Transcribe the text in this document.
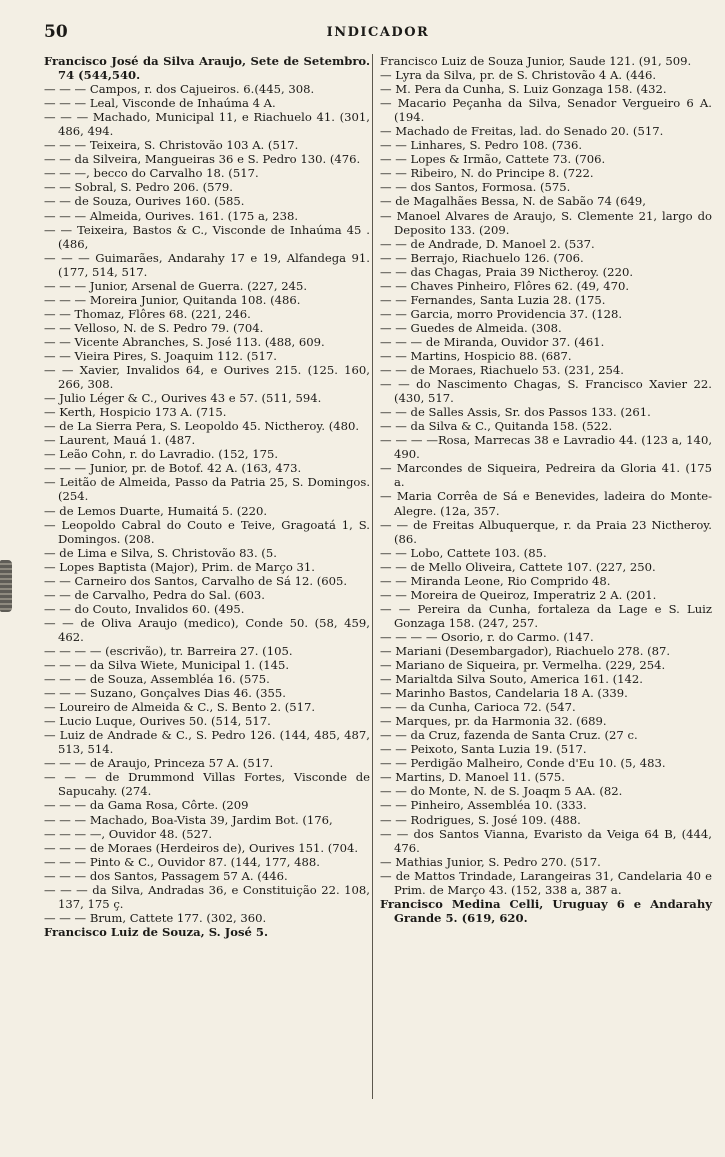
50	INDICADOR

Francisco José da Silva Araujo, Sete de Setembro. 74 (544,540.

— — — Campos, r. dos Cajueiros. 6.(445, 308.

— — — Leal, Visconde de Inhaúma 4 A.

— — — Machado, Municipal 11, e Riachuelo 41. (301, 486, 494.

— — — Teixeira, S. Christovão 103 A. (517.

— — da Silveira, Mangueiras 36 e S. Pedro 130. (476.

— — —, becco do Carvalho 18. (517.

— — Sobral, S. Pedro 206. (579.

— — de Souza, Ourives 160. (585.

— — — Almeida, Ourives. 161. (175 a, 238.

— — Teixeira, Bastos & C., Visconde de Inhaúma 45 .(486,

— — — Guimarães, Andarahy 17 e 19, Alfandega 91. (177, 514, 517.

— — — Junior, Arsenal de Guerra. (227, 245.

— — — Moreira Junior, Quitanda 108. (486.

— — Thomaz, Flôres 68. (221, 246.

— — Velloso, N. de S. Pedro 79. (704.

— — Vicente Abranches, S. José 113. (488, 609.

— — Vieira Pires, S. Joaquim 112. (517.

— — Xavier, Invalidos 64, e Ourives 215. (125. 160, 266, 308.

— Julio Léger & C., Ourives 43 e 57. (511, 594.

— Kerth, Hospicio 173 A. (715.

— de La Sierra Pera, S. Leopoldo 45. Nictheroy. (480.

— Laurent, Mauá 1. (487.

— Leão Cohn, r. do Lavradio. (152, 175.

— — — Junior, pr. de Botof. 42 A. (163, 473.

— Leitão de Almeida, Passo da Patria 25, S. Domingos. (254.

— de Lemos Duarte, Humaitá 5. (220.

— Leopoldo Cabral do Couto e Teive, Gragoatá 1, S. Domingos. (208.

— de Lima e Silva, S. Christovão 83. (5.

— Lopes Baptista (Major), Prim. de Março 31.

— — Carneiro dos Santos, Carvalho de Sá 12. (605.

— — de Carvalho, Pedra do Sal. (603.

— — do Couto, Invalidos 60. (495.

— — de Oliva Araujo (medico), Conde 50. (58, 459, 462.

— — — — (escrivão), tr. Barreira 27. (105.

— — — da Silva Wiete, Municipal 1. (145.

— — — de Souza, Assembléa 16. (575.

— — — Suzano, Gonçalves Dias 46. (355.

— Loureiro de Almeida & C., S. Bento 2. (517.

— Lucio Luque, Ourives 50. (514, 517.

— Luiz de Andrade & C., S. Pedro 126. (144, 485, 487, 513, 514.

— — — de Araujo, Princeza 57 A. (517.

— — — de Drummond Villas Fortes, Visconde de Sapucahy. (274.

— — — da Gama Rosa, Côrte. (209

— — — Machado, Boa-Vista 39, Jardim Bot. (176,

— — — —, Ouvidor 48. (527.

— — — de Moraes (Herdeiros de), Ourives 151. (704.

— — — Pinto & C., Ouvidor 87. (144, 177, 488.

— — — dos Santos, Passagem 57 A. (446.

— — — da Silva, Andradas 36, e Constituição 22. 108, 137, 175 ç.

— — — Brum, Cattete 177. (302, 360.

Francisco Luiz de Souza, S. José 5.

Francisco Luiz de Souza Junior, Saude 121. (91, 509.

— Lyra da Silva, pr. de S. Christovão 4 A. (446.

— M. Pera da Cunha, S. Luiz Gonzaga 158. (432.

— Macario Peçanha da Silva, Senador Vergueiro 6 A. (194.

— Machado de Freitas, lad. do Senado 20. (517.

— — Linhares, S. Pedro 108. (736.

— — Lopes & Irmão, Cattete 73. (706.

— — Ribeiro, N. do Principe 8. (722.

— — dos Santos, Formosa. (575.

— de Magalhães Bessa, N. de Sabão 74 (649,

— Manoel Alvares de Araujo, S. Clemente 21, largo do Deposito 133. (209.

— — de Andrade, D. Manoel 2. (537.

— — Berrajo, Riachuelo 126. (706.

— — das Chagas, Praia 39 Nictheroy. (220.

— — Chaves Pinheiro, Flôres 62. (49, 470.

— — Fernandes, Santa Luzia 28. (175.

— — Garcia, morro Providencia 37. (128.

— — Guedes de Almeida. (308.

— — — de Miranda, Ouvidor 37. (461.

— — Martins, Hospicio 88. (687.

— — de Moraes, Riachuelo 53. (231, 254.

— — do Nascimento Chagas, S. Francisco Xavier 22. (430, 517.

— — de Salles Assis, Sr. dos Passos 133. (261.

— — da Silva & C., Quitanda 158. (522.

— — — —Rosa, Marrecas 38 e Lavradio 44. (123 a, 140, 490.

— Marcondes de Siqueira, Pedreira da Gloria 41. (175 a.

— Maria Corrêa de Sá e Benevides, ladeira do Monte-Alegre. (12a, 357.

— — de Freitas Albuquerque, r. da Praia 23 Nictheroy. (86.

— — Lobo, Cattete 103. (85.

— — de Mello Oliveira, Cattete 107. (227, 250.

— — Miranda Leone, Rio Comprido 48.

— — Moreira de Queiroz, Imperatriz 2 A. (201.

— — Pereira da Cunha, fortaleza da Lage e S. Luiz Gonzaga 158. (247, 257.

— — — — Osorio, r. do Carmo. (147.

— Mariani (Desembargador), Riachuelo 278. (87.

— Mariano de Siqueira, pr. Vermelha. (229, 254.

— Marialtda Silva Souto, America 161. (142.

— Marinho Bastos, Candelaria 18 A. (339.

— — da Cunha, Carioca 72. (547.

— Marques, pr. da Harmonia 32. (689.

— — da Cruz, fazenda de Santa Cruz. (27 c.

— — Peixoto, Santa Luzia 19. (517.

— — Perdigão Malheiro, Conde d'Eu 10. (5, 483.

— Martins, D. Manoel 11. (575.

— — do Monte, N. de S. Joaqm 5 AA. (82.

— — Pinheiro, Assembléa 10. (333.

— — Rodrigues, S. José 109. (488.

— — dos Santos Vianna, Evaristo da Veiga 64 B, (444, 476.

— Mathias Junior, S. Pedro 270. (517.

— de Mattos Trindade, Larangeiras 31, Candelaria 40 e Prim. de Março 43. (152, 338 a, 387 a.

Francisco Medina Celli, Uruguay 6 e Andarahy Grande 5. (619, 620.
